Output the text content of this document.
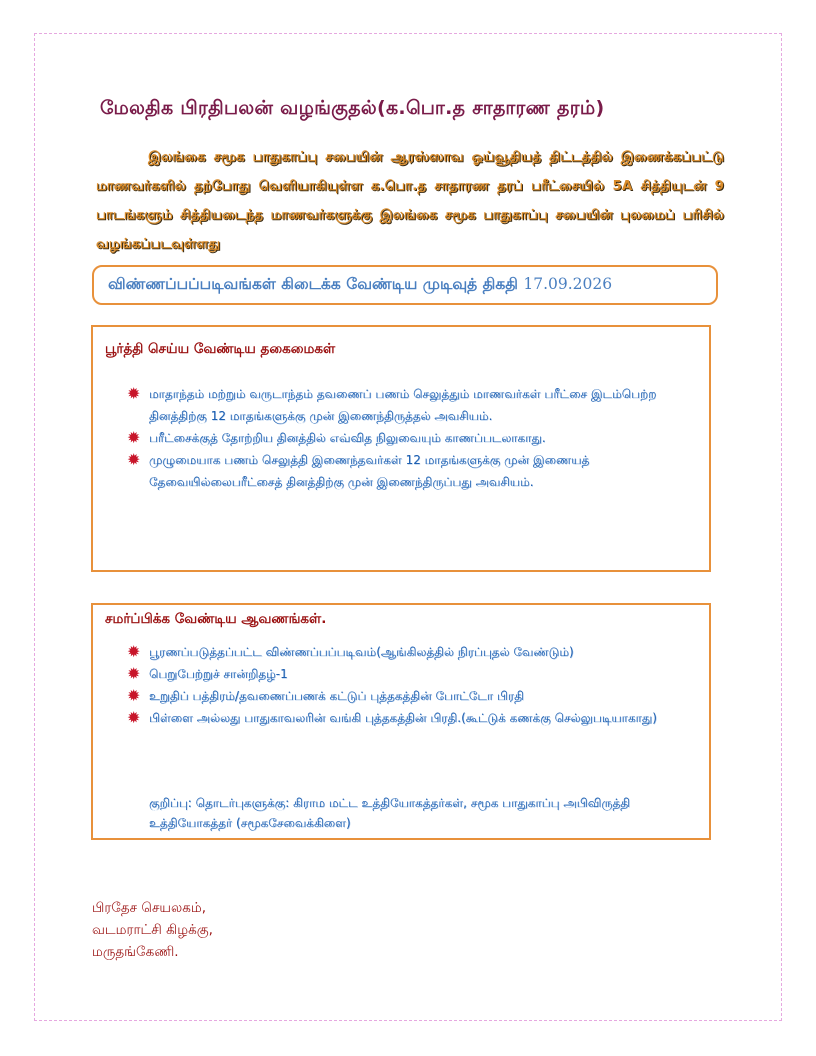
மேலதிக பிரதிபலன் வழங்குதல்(க.பொ.த சாதாரண தரம்)

இலங்கை சமூக பாதுகாப்பு சபையின் ஆரஸ்ஸாவ ஓய்வூதியத் திட்டத்தில் இணைக்கப்பட்டு மாணவர்களில் தற்போது வெளியாகியுள்ள க.பொ.த சாதாரண தரப் பரீட்சையில் 5A சித்தியுடன் 9 பாடங்களும் சித்தியடைந்த மாணவர்களுக்கு இலங்கை சமூக பாதுகாப்பு சபையின் புலமைப் பரிசில் வழங்கப்படவுள்ளது

விண்ணப்பப்படிவங்கள் கிடைக்க வேண்டிய முடிவுத் திகதி 17.09.2026
பூர்த்தி செய்ய வேண்டிய தகைமைகள்
✹ மாதாந்தம் மற்றும் வருடாந்தம் தவணைப் பணம் செலுத்தும் மாணவர்கள் பரீட்சை இடம்பெற்ற தினத்திற்கு 12 மாதங்களுக்கு முன் இணைந்திருத்தல் அவசியம்.
✹ பரீட்சைக்குத் தோற்றிய தினத்தில் எவ்வித நிலுவையும் காணப்படலாகாது.
✹ முழுமையாக பணம் செலுத்தி இணைந்தவர்கள் 12 மாதங்களுக்கு முன் இணையத் தேவையில்லைபரீட்சைத் தினத்திற்கு முன் இணைந்திருப்பது அவசியம்.
சமர்ப்பிக்க வேண்டிய ஆவணங்கள்.
✹ பூரணப்படுத்தப்பட்ட விண்ணப்பப்படிவம்(ஆங்கிலத்தில் நிரப்புதல் வேண்டும்)
✹ பெறுபேற்றுச் சான்றிதழ்-1
✹ உறுதிப் பத்திரம்/தவணைப்பணக் கட்டுப் புத்தகத்தின் போட்டோ பிரதி
✹ பிள்ளை அல்லது பாதுகாவலரின் வங்கி புத்தகத்தின் பிரதி.(கூட்டுக் கணக்கு செல்லுபடியாகாது)
குறிப்பு: தொடர்புகளுக்கு: கிராம மட்ட உத்தியோகத்தர்கள், சமூக பாதுகாப்பு அபிவிருத்தி உத்தியோகத்தர் (சமூகசேவைக்கிளை)
பிரதேச செயலகம்,
வடமராட்சி கிழக்கு,
மருதங்கேணி.
